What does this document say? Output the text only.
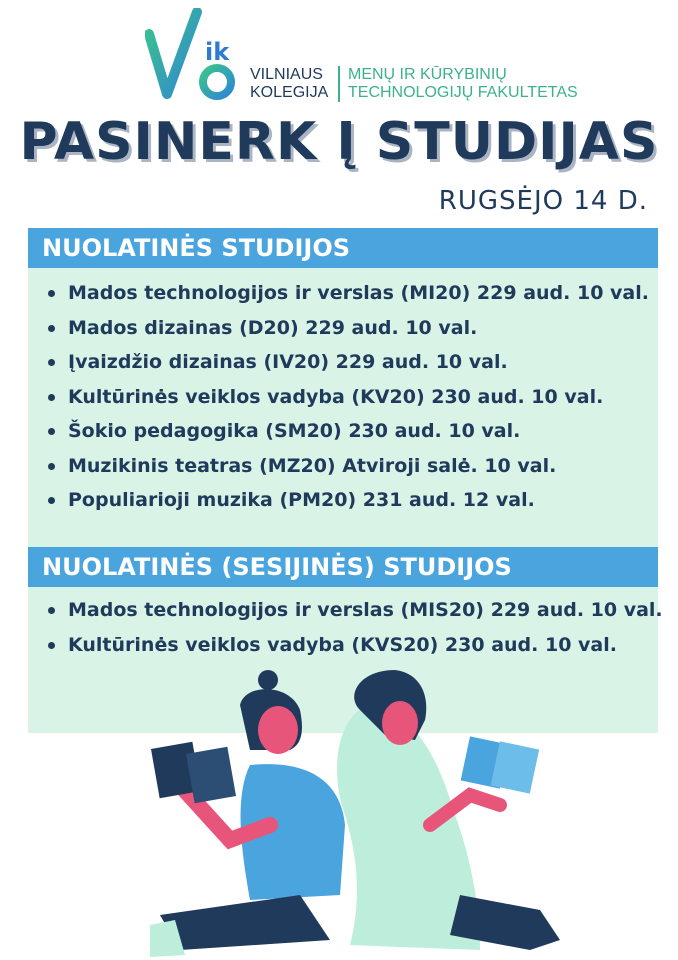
ik
VILNIAUS
KOLEGIJA
MENŲ IR KŪRYBINIŲ
TECHNOLOGIJŲ FAKULTETAS
PASINERK Į STUDIJAS
RUGSĖJO 14 D.
NUOLATINĖS STUDIJOS
Mados technologijos ir verslas (MI20) 229 aud. 10 val.
Mados dizainas (D20) 229 aud. 10 val.
Įvaizdžio dizainas (IV20) 229 aud. 10 val.
Kultūrinės veiklos vadyba (KV20) 230 aud. 10 val.
Šokio pedagogika (SM20) 230 aud. 10 val.
Muzikinis teatras (MZ20) Atviroji salė. 10 val.
Populiarioji muzika (PM20) 231 aud. 12 val.
NUOLATINĖS (SESIJINĖS) STUDIJOS
Mados technologijos ir verslas (MIS20) 229 aud. 10 val.
Kultūrinės veiklos vadyba (KVS20) 230 aud. 10 val.
